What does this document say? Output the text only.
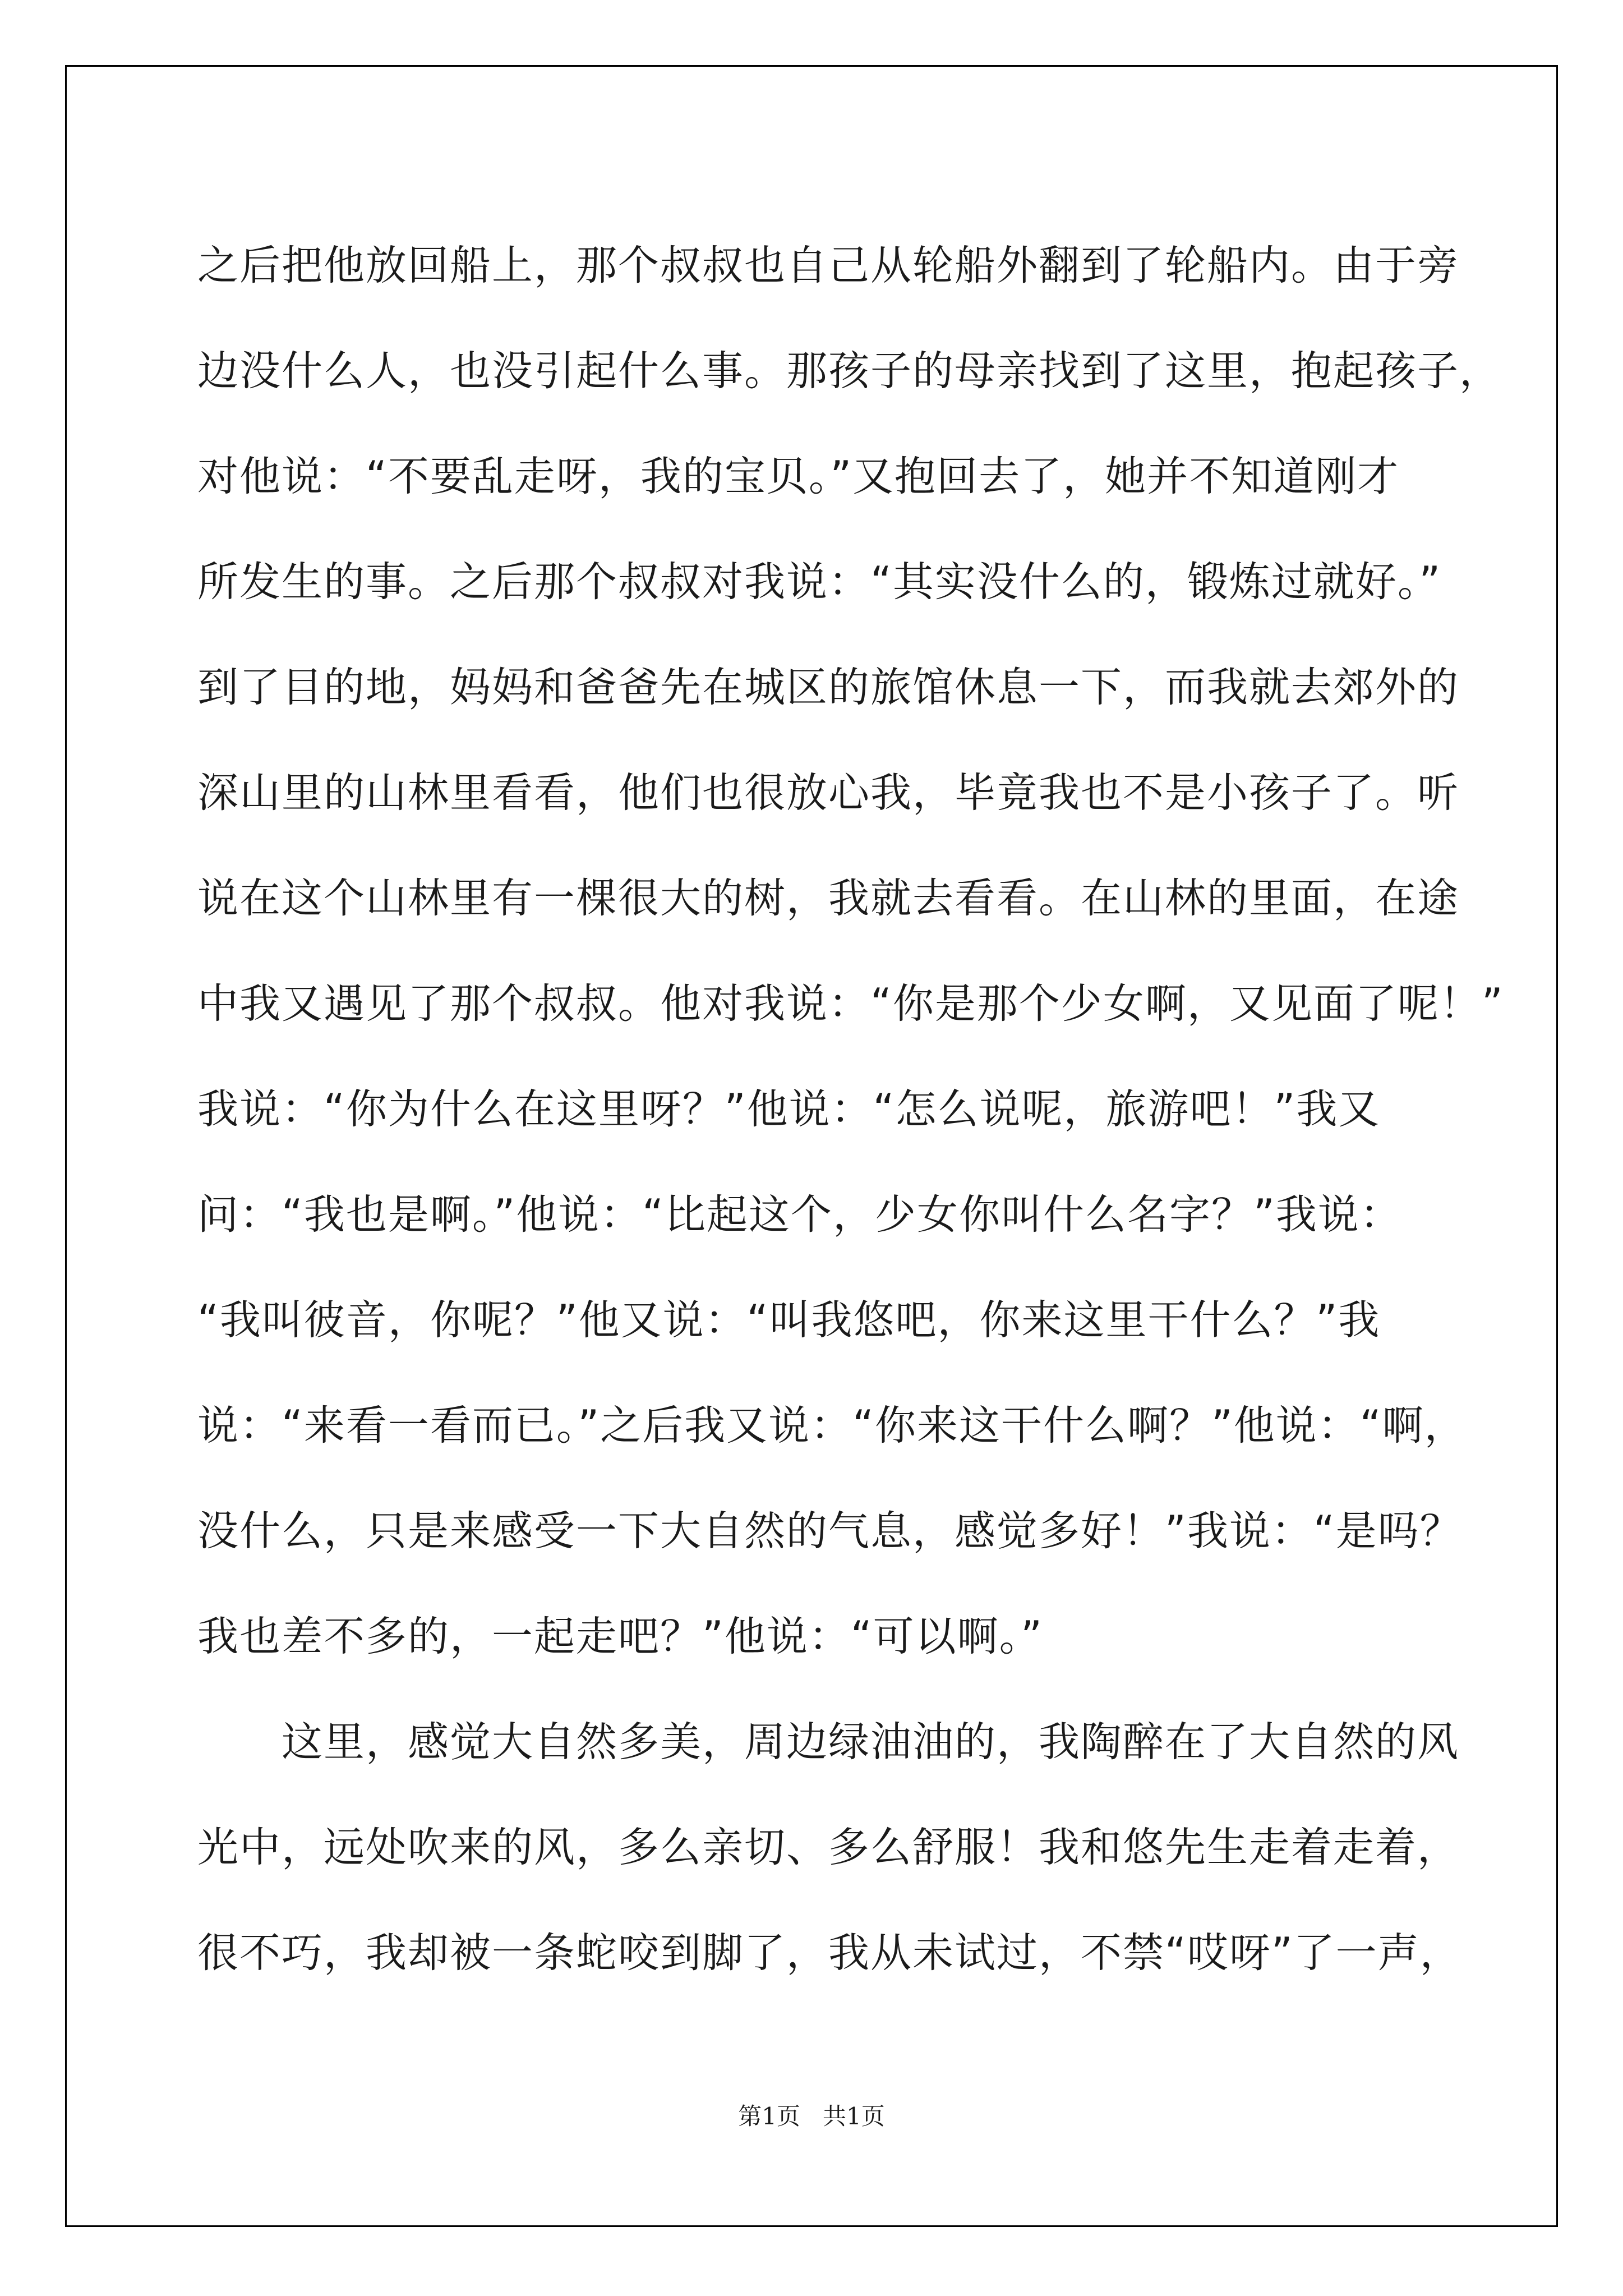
之后把他放回船上，那个叔叔也自己从轮船外翻到了轮船内。由于旁
边没什么人，也没引起什么事。那孩子的母亲找到了这里，抱起孩子，
对他说：“不要乱走呀，我的宝贝。”又抱回去了，她并不知道刚才
所发生的事。之后那个叔叔对我说：“其实没什么的，锻炼过就好。”
到了目的地，妈妈和爸爸先在城区的旅馆休息一下，而我就去郊外的
深山里的山林里看看，他们也很放心我，毕竟我也不是小孩子了。听
说在这个山林里有一棵很大的树，我就去看看。在山林的里面，在途
中我又遇见了那个叔叔。他对我说：“你是那个少女啊，又见面了呢！”
我说：“你为什么在这里呀？”他说：“怎么说呢，旅游吧！”我又
问：“我也是啊。”他说：“比起这个，少女你叫什么名字？”我说：
“我叫彼音，你呢？”他又说：“叫我悠吧，你来这里干什么？”我
说：“来看一看而已。”之后我又说：“你来这干什么啊？”他说：“啊，
没什么，只是来感受一下大自然的气息，感觉多好！”我说：“是吗？
我也差不多的，一起走吧？”他说：“可以啊。”
　　这里，感觉大自然多美，周边绿油油的，我陶醉在了大自然的风
光中，远处吹来的风，多么亲切、多么舒服！我和悠先生走着走着，
很不巧，我却被一条蛇咬到脚了，我从未试过，不禁“哎呀”了一声，
第1页 共1页
